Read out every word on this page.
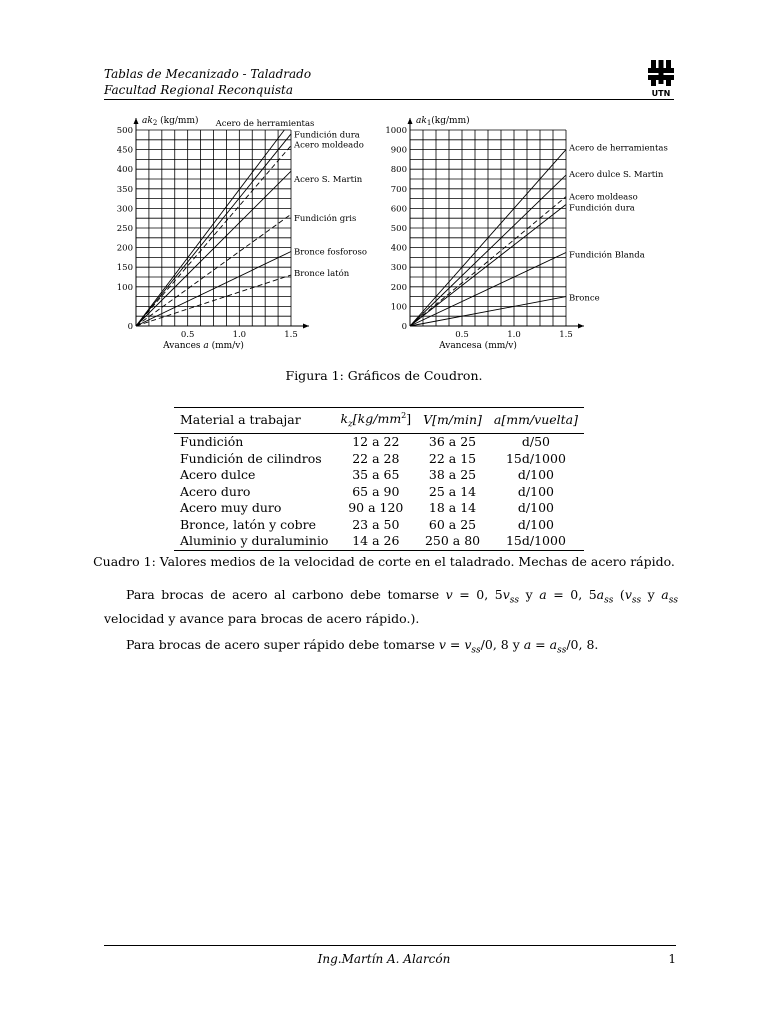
Tablas de Mecanizado - Taladrado
Facultad Regional Reconquista	UTN
100
150
200
250
300
350
400
450
500
0
0.5	1.0	1.5
$ak_2$ (kg/mm)
Avances a (mm/v)
Acero de herramientas
Fundición dura
Acero moldeado
Acero S. Martin
Fundición gris
Bronce fosforoso
Bronce latón
100
200
300
400
500
600
700
800
900
1000
0
0.5	1.0	1.5
$ak_1(kg/mm)$
Avancesa (mm/v)
Acero de herramientas
Acero dulce S. Martin
Acero moldeaso
Fundición dura
Fundición Blanda
Bronce
Figura 1: Gráficos de Coudron.
Material a trabajar	$k_z[kg/mm^2]$	V[m/min]	a[mm/vuelta]
Fundición	12 a 22	36 a 25	d/50
Fundición de cilindros	22 a 28	22 a 15	15d/1000
Acero dulce	35 a 65	38 a 25	d/100
Acero duro	65 a 90	25 a 14	d/100
Acero muy duro	90 a 120	18 a 14	d/100
Bronce, latón y cobre	23 a 50	60 a 25	d/100
Aluminio y duraluminio	14 a 26	250 a 80	15d/1000
Cuadro 1: Valores medios de la velocidad de corte en el taladrado. Mechas de acero rápido.
Para brocas de acero al carbono debe tomarse v = 0, $5v_{ss}$ y a = 0, $5a_{ss}$ ($v_{ss}$ y $a_{ss}$ velocidad y avance para brocas de acero rápido.).
Para brocas de acero super rápido debe tomarse $v = v_{ss}/0$, 8 y $a = a_{ss}/0$, 8.
Ing.Martín A. Alarcón	1
